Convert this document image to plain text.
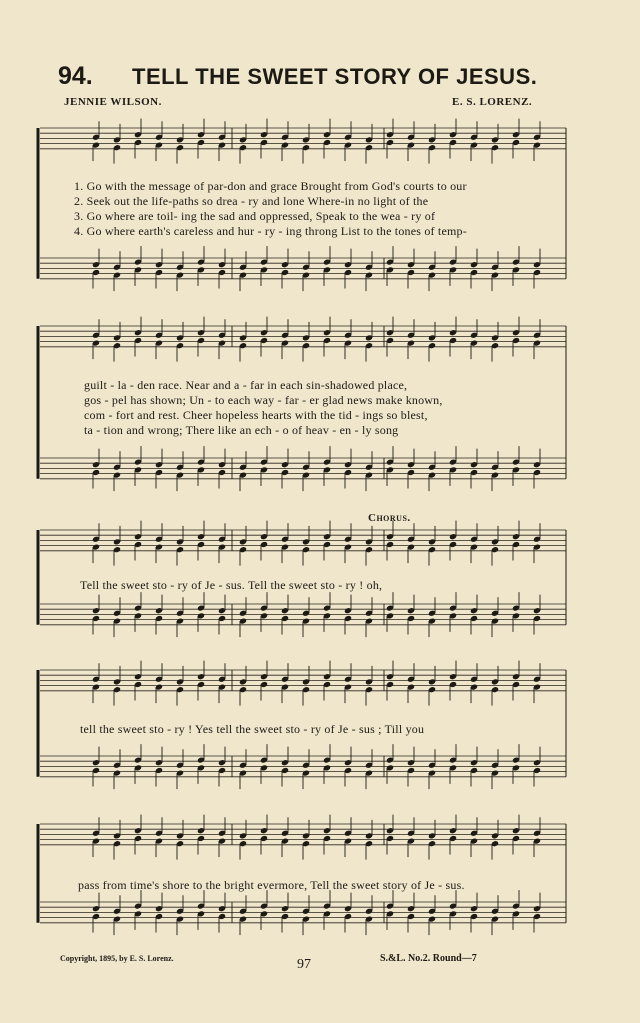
94. TELL THE SWEET STORY OF JESUS.
JENNIE WILSON.	E. S. LORENZ.
1. Go with the message of par-don and grace Brought from God's courts to our
2. Seek out the life-paths so drea - ry and lone Where-in no light of the
3. Go where are toil- ing the sad and oppressed, Speak to the wea - ry of
4. Go where earth's careless and hur - ry - ing throng List to the tones of temp-
guilt - la - den race. Near and a - far in each sin-shadowed place,
gos - pel has shown; Un - to each way - far - er glad news make known,
com - fort and rest. Cheer hopeless hearts with the tid - ings so blest,
ta - tion and wrong; There like an ech - o of heav - en - ly song
Chorus.
Tell the sweet sto - ry of Je - sus. Tell the sweet sto - ry ! oh,
tell the sweet sto - ry ! Yes tell the sweet sto - ry of Je - sus ; Till you
pass from time's shore to the bright evermore, Tell the sweet story of Je - sus.
Copyright, 1895, by E. S. Lorenz.	97	S.&L. No.2. Round—7
